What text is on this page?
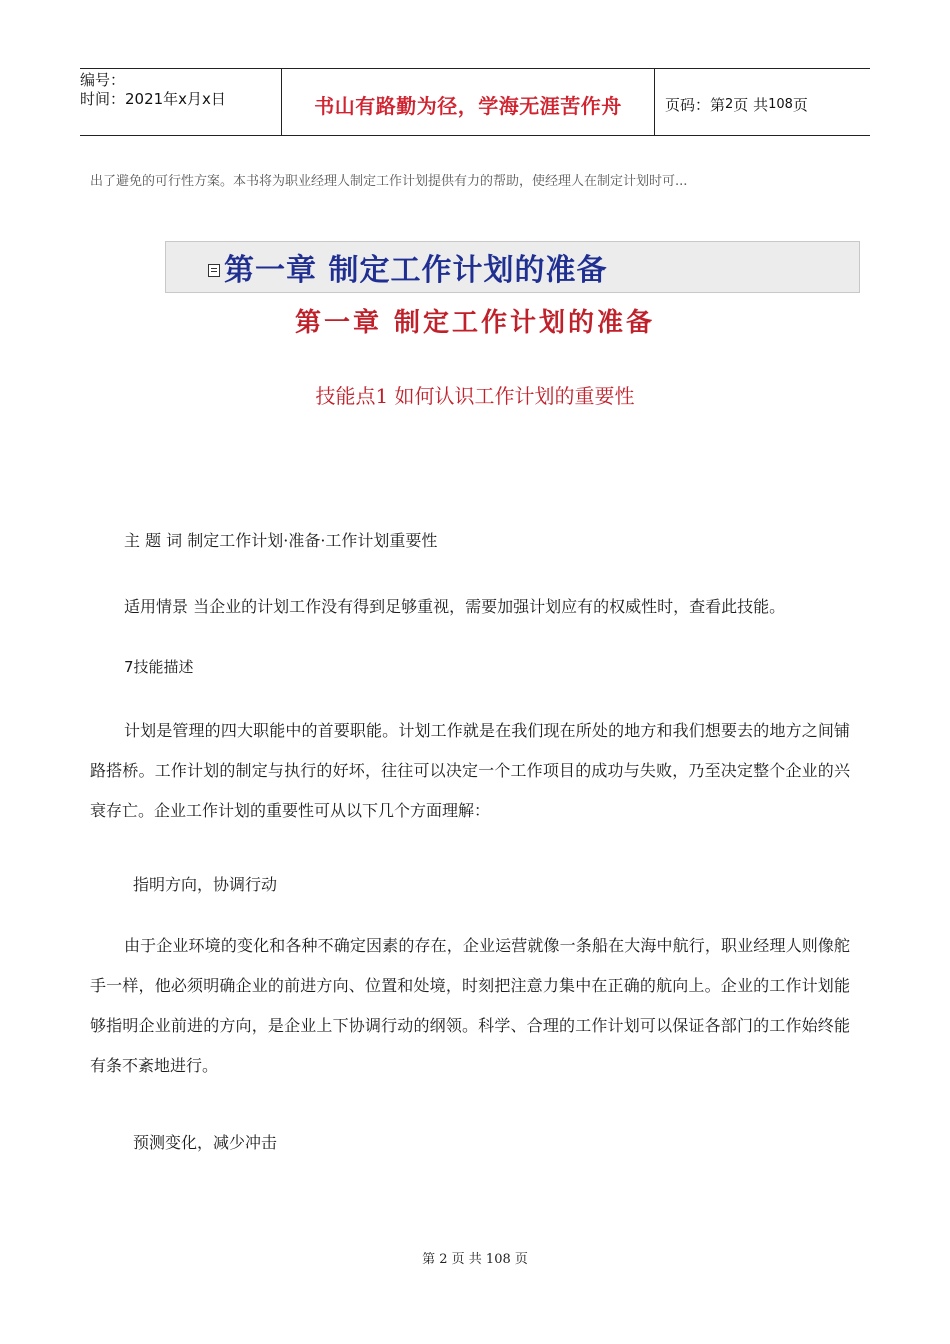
编号：
时间：2021年x月x日	书山有路勤为径，学海无涯苦作舟	页码：第 2 页 共 108 页
出了避免的可行性方案。本书将为职业经理人制定工作计划提供有力的帮助，使经理人在制定计划时可...
第一章 制定工作计划的准备
第一章 制定工作计划的准备
技能点1 如何认识工作计划的重要性
主 题 词 制定工作计划·准备·工作计划重要性
适用情景 当企业的计划工作没有得到足够重视，需要加强计划应有的权威性时，查看此技能。
7技能描述
计划是管理的四大职能中的首要职能。计划工作就是在我们现在所处的地方和我们想要去的地方之间铺路搭桥。工作计划的制定与执行的好坏，往往可以决定一个工作项目的成功与失败，乃至决定整个企业的兴衰存亡。企业工作计划的重要性可从以下几个方面理解：
指明方向，协调行动
由于企业环境的变化和各种不确定因素的存在，企业运营就像一条船在大海中航行，职业经理人则像舵手一样，他必须明确企业的前进方向、位置和处境，时刻把注意力集中在正确的航向上。企业的工作计划能够指明企业前进的方向，是企业上下协调行动的纲领。科学、合理的工作计划可以保证各部门的工作始终能有条不紊地进行。
预测变化，减少冲击
第 2 页 共 108 页
